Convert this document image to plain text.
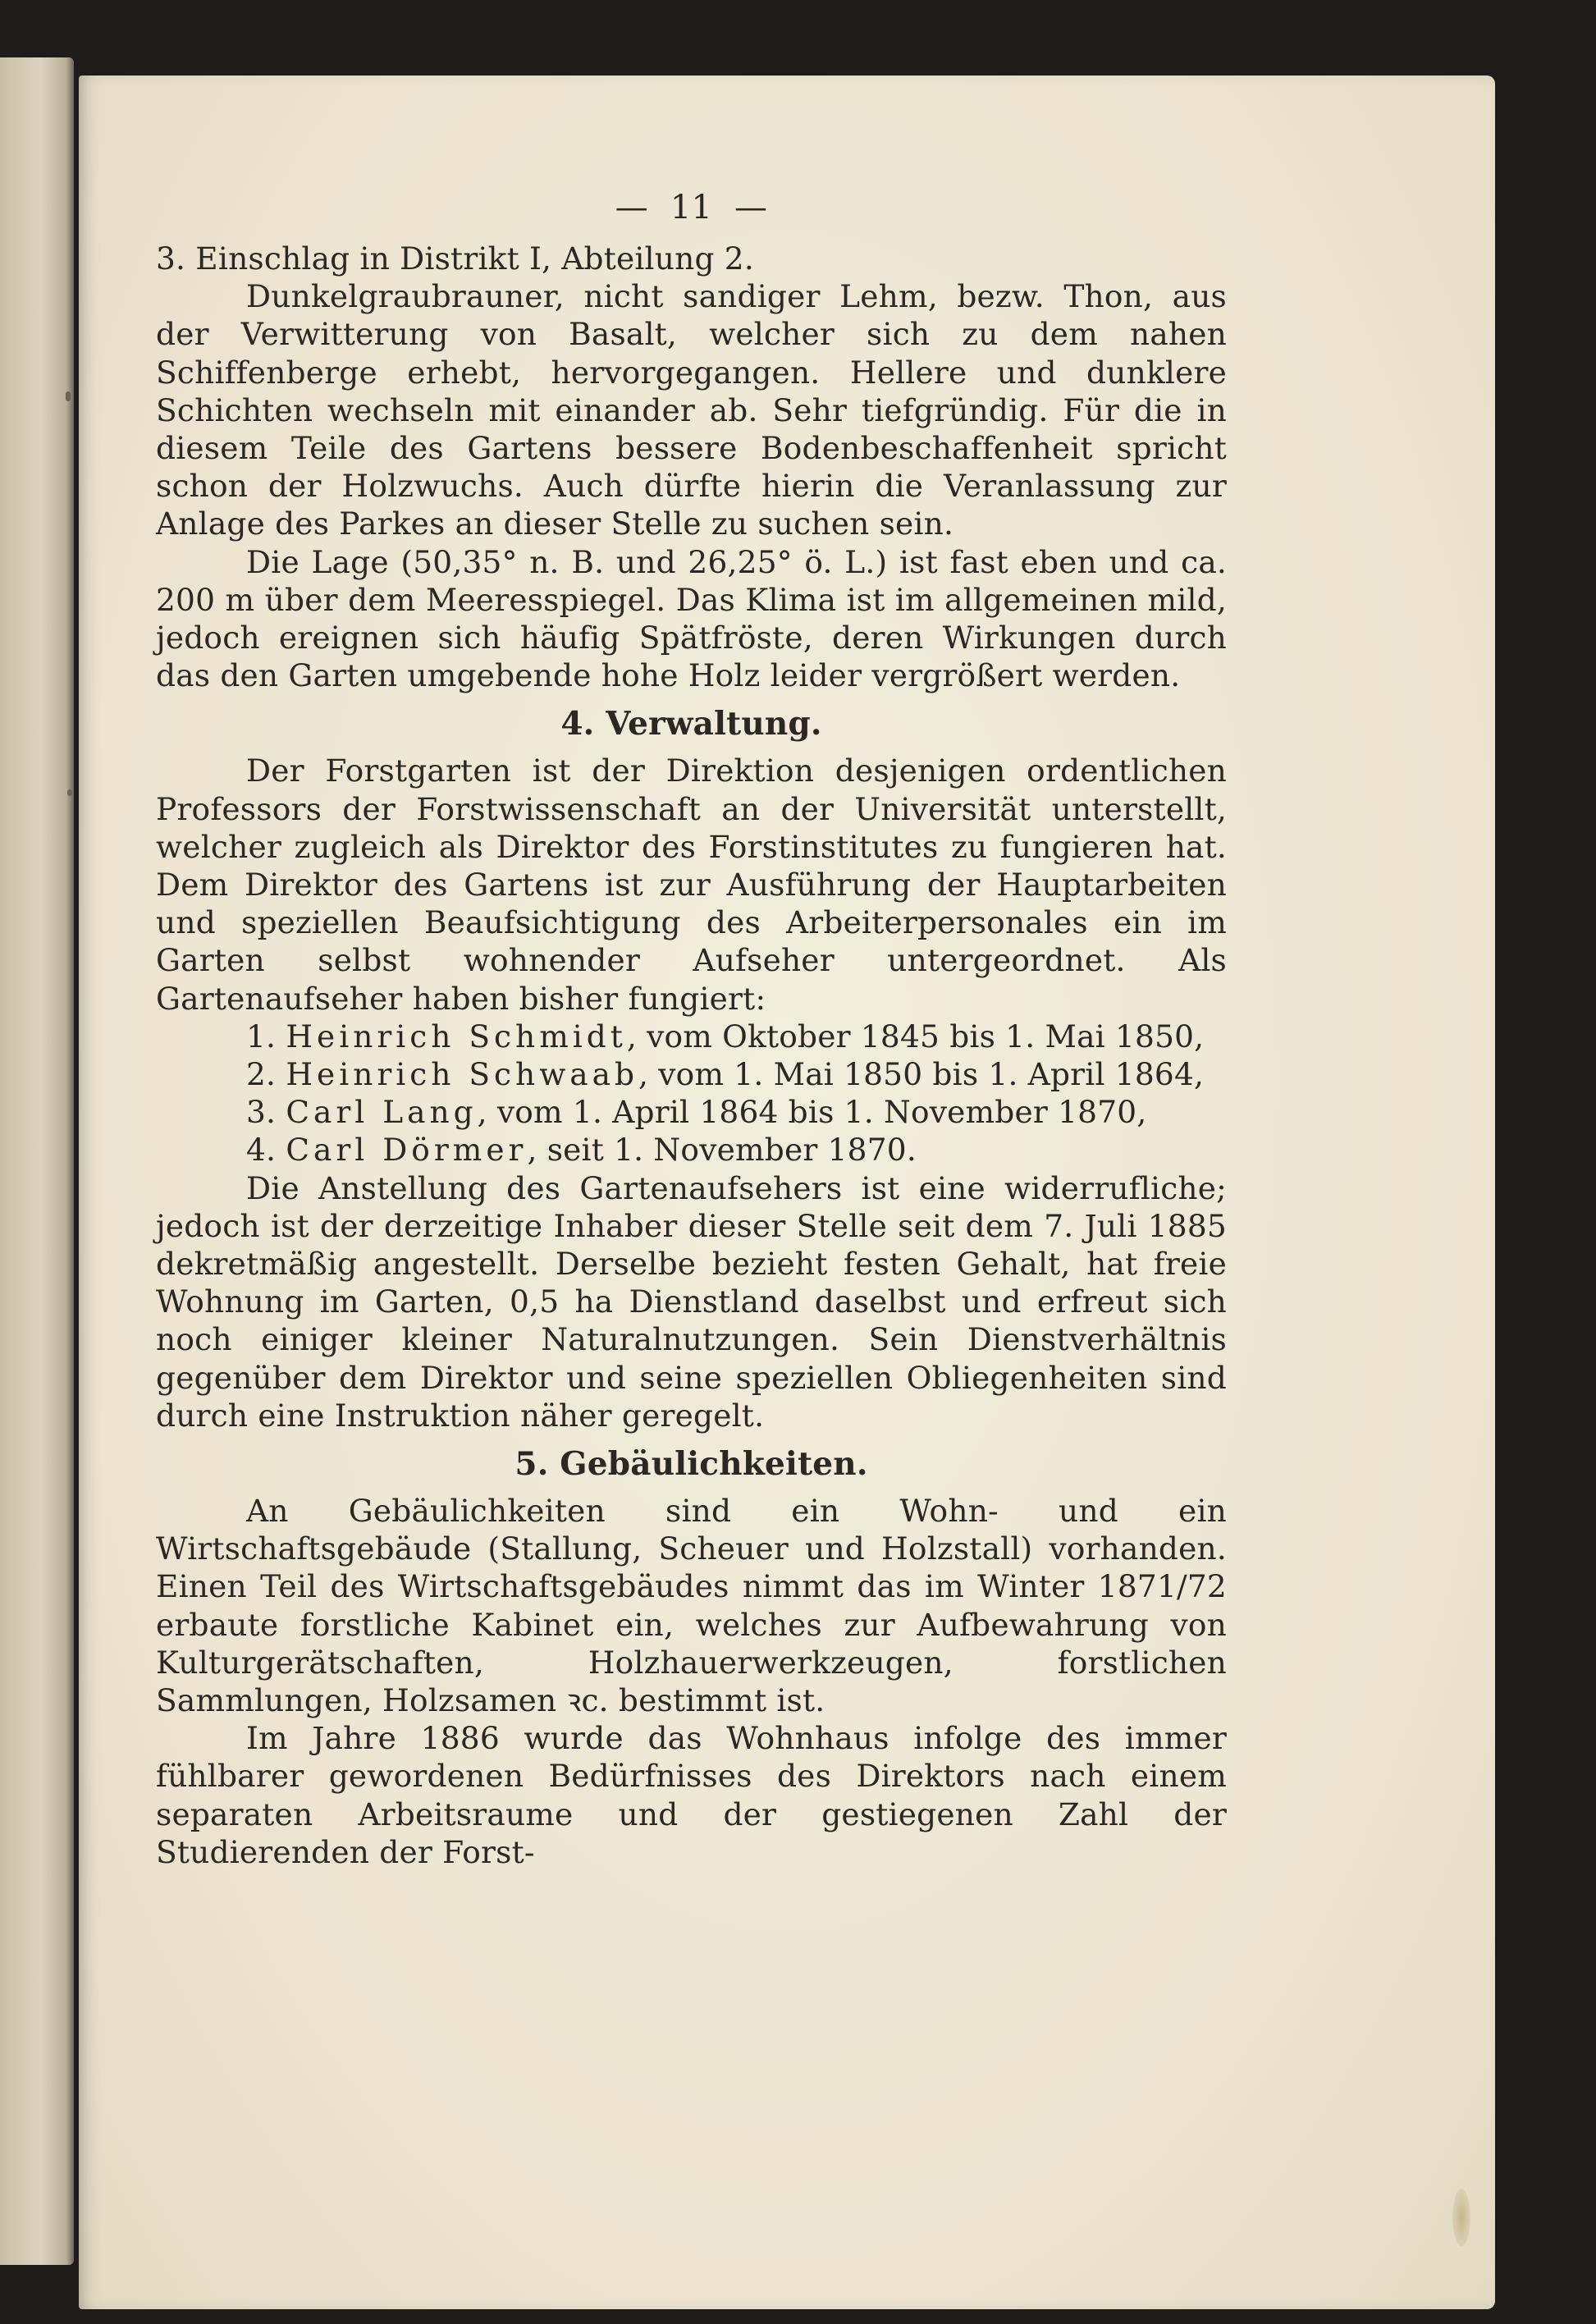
— 11 —

3. Einschlag in Distrikt I, Abteilung 2.

Dunkelgraubrauner, nicht sandiger Lehm, bezw. Thon, aus der Verwitterung von Basalt, welcher sich zu dem nahen Schiffenberge erhebt, hervorgegangen. Hellere und dunklere Schichten wechseln mit einander ab. Sehr tiefgründig. Für die in diesem Teile des Gartens bessere Bodenbeschaffenheit spricht schon der Holzwuchs. Auch dürfte hierin die Veranlassung zur Anlage des Parkes an dieser Stelle zu suchen sein.

Die Lage (50,35° n. B. und 26,25° ö. L.) ist fast eben und ca. 200 m über dem Meeresspiegel. Das Klima ist im allgemeinen mild, jedoch ereignen sich häufig Spätfröste, deren Wirkungen durch das den Garten umgebende hohe Holz leider vergrößert werden.

4. Verwaltung.

Der Forstgarten ist der Direktion desjenigen ordentlichen Professors der Forstwissenschaft an der Universität unterstellt, welcher zugleich als Direktor des Forstinstitutes zu fungieren hat. Dem Direktor des Gartens ist zur Ausführung der Hauptarbeiten und speziellen Beaufsichtigung des Arbeiterpersonales ein im Garten selbst wohnender Aufseher untergeordnet. Als Gartenaufseher haben bisher fungiert:

1. Heinrich Schmidt, vom Oktober 1845 bis 1. Mai 1850,
2. Heinrich Schwaab, vom 1. Mai 1850 bis 1. April 1864,
3. Carl Lang, vom 1. April 1864 bis 1. November 1870,
4. Carl Dörmer, seit 1. November 1870.

Die Anstellung des Gartenaufsehers ist eine widerrufliche; jedoch ist der derzeitige Inhaber dieser Stelle seit dem 7. Juli 1885 dekretmäßig angestellt. Derselbe bezieht festen Gehalt, hat freie Wohnung im Garten, 0,5 ha Dienstland daselbst und erfreut sich noch einiger kleiner Naturalnutzungen. Sein Dienstverhältnis gegenüber dem Direktor und seine speziellen Obliegenheiten sind durch eine Instruktion näher geregelt.

5. Gebäulichkeiten.

An Gebäulichkeiten sind ein Wohn- und ein Wirtschaftsgebäude (Stallung, Scheuer und Holzstall) vorhanden. Einen Teil des Wirtschaftsgebäudes nimmt das im Winter 1871/72 erbaute forstliche Kabinet ein, welches zur Aufbewahrung von Kulturgerätschaften, Holzhauerwerkzeugen, forstlichen Sammlungen, Holzsamen ꝛc. bestimmt ist.

Im Jahre 1886 wurde das Wohnhaus infolge des immer fühlbarer gewordenen Bedürfnisses des Direktors nach einem separaten Arbeitsraume und der gestiegenen Zahl der Studierenden der Forst-
